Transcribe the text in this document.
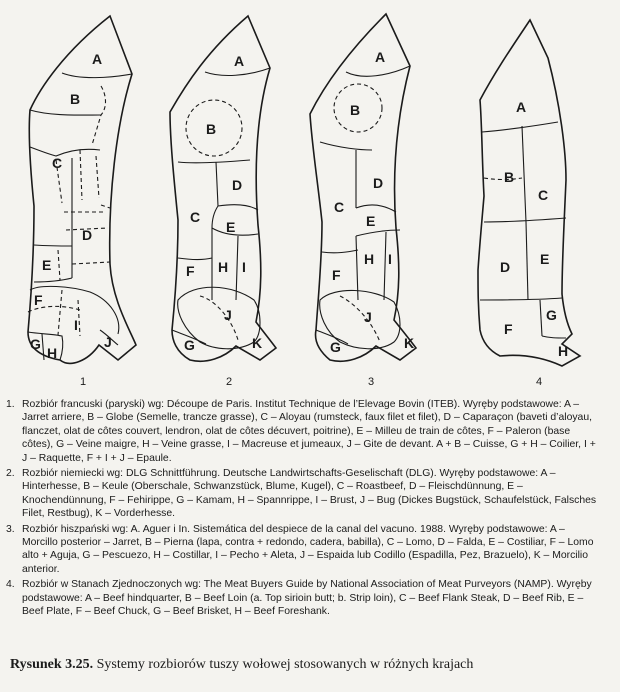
A
B
C
D
E
F
I
G
H
J
A
B
D
C
E
F H I
J
G	K
A
B
D
C
E
H I
F
J
G	K
A
B
C
D E
F
G
H
1	2	3	4
1. Rozbiór francuski (paryski) wg: Découpe de Paris. Institut Technique de l’Elevage Bovin (ITEB). Wyręby podstawowe: A – Jarret arriere, B – Globe (Semelle, trancze grasse), C – Aloyau (rumsteck, faux filet et filet), D – Caparaçon (baveti d’aloyau, flanczet, olat de côtes couvert, lendron, olat de côtes décuvert, poitrine), E – Milleu de train de côtes, F – Paleron (base côtes), G – Veine maigre, H – Veine grasse, I – Macreuse et jumeaux, J – Gite de devant. A + B – Cuisse, G + H – Coilier, I + J – Raquette, F + I + J – Epaule.
2. Rozbiór niemiecki wg: DLG Schnittführung. Deutsche Landwirtschafts-Geselischaft (DLG). Wyręby podstawowe: A – Hinterhesse, B – Keule (Oberschale, Schwanzstück, Blume, Kugel), C – Roastbeef, D – Fleischdünnung, E – Knochendünnung, F – Fehirippe, G – Kamam, H – Spannrippe, I – Brust, J – Bug (Dickes Bugstück, Schaufelstück, Falsches Filet, Restbug), K – Vorderhesse.
3. Rozbiór hiszpański wg: A. Aguer i In. Sistemática del despiece de la canal del vacuno. 1988. Wyręby podstawowe: A – Morcillo posterior – Jarret, B – Pierna (lapa, contra + redondo, cadera, babilla), C – Lomo, D – Falda, E – Costiliar, F – Lomo alto + Aguja, G – Pescuezo, H – Costillar, I – Pecho + Aleta, J – Espaida lub Codillo (Espadilla, Pez, Brazuelo), K – Morcilio anterior.
4. Rozbiór w Stanach Zjednoczonych wg: The Meat Buyers Guide by National Association of Meat Purveyors (NAMP). Wyręby podstawowe: A – Beef hindquarter, B – Beef Loin (a. Top sirioin butt; b. Strip loin), C – Beef Flank Steak, D – Beef Rib, E – Beef Plate, F – Beef Chuck, G – Beef Brisket, H – Beef Foreshank.
Rysunek 3.25. Systemy rozbiorów tuszy wołowej stosowanych w różnych krajach
